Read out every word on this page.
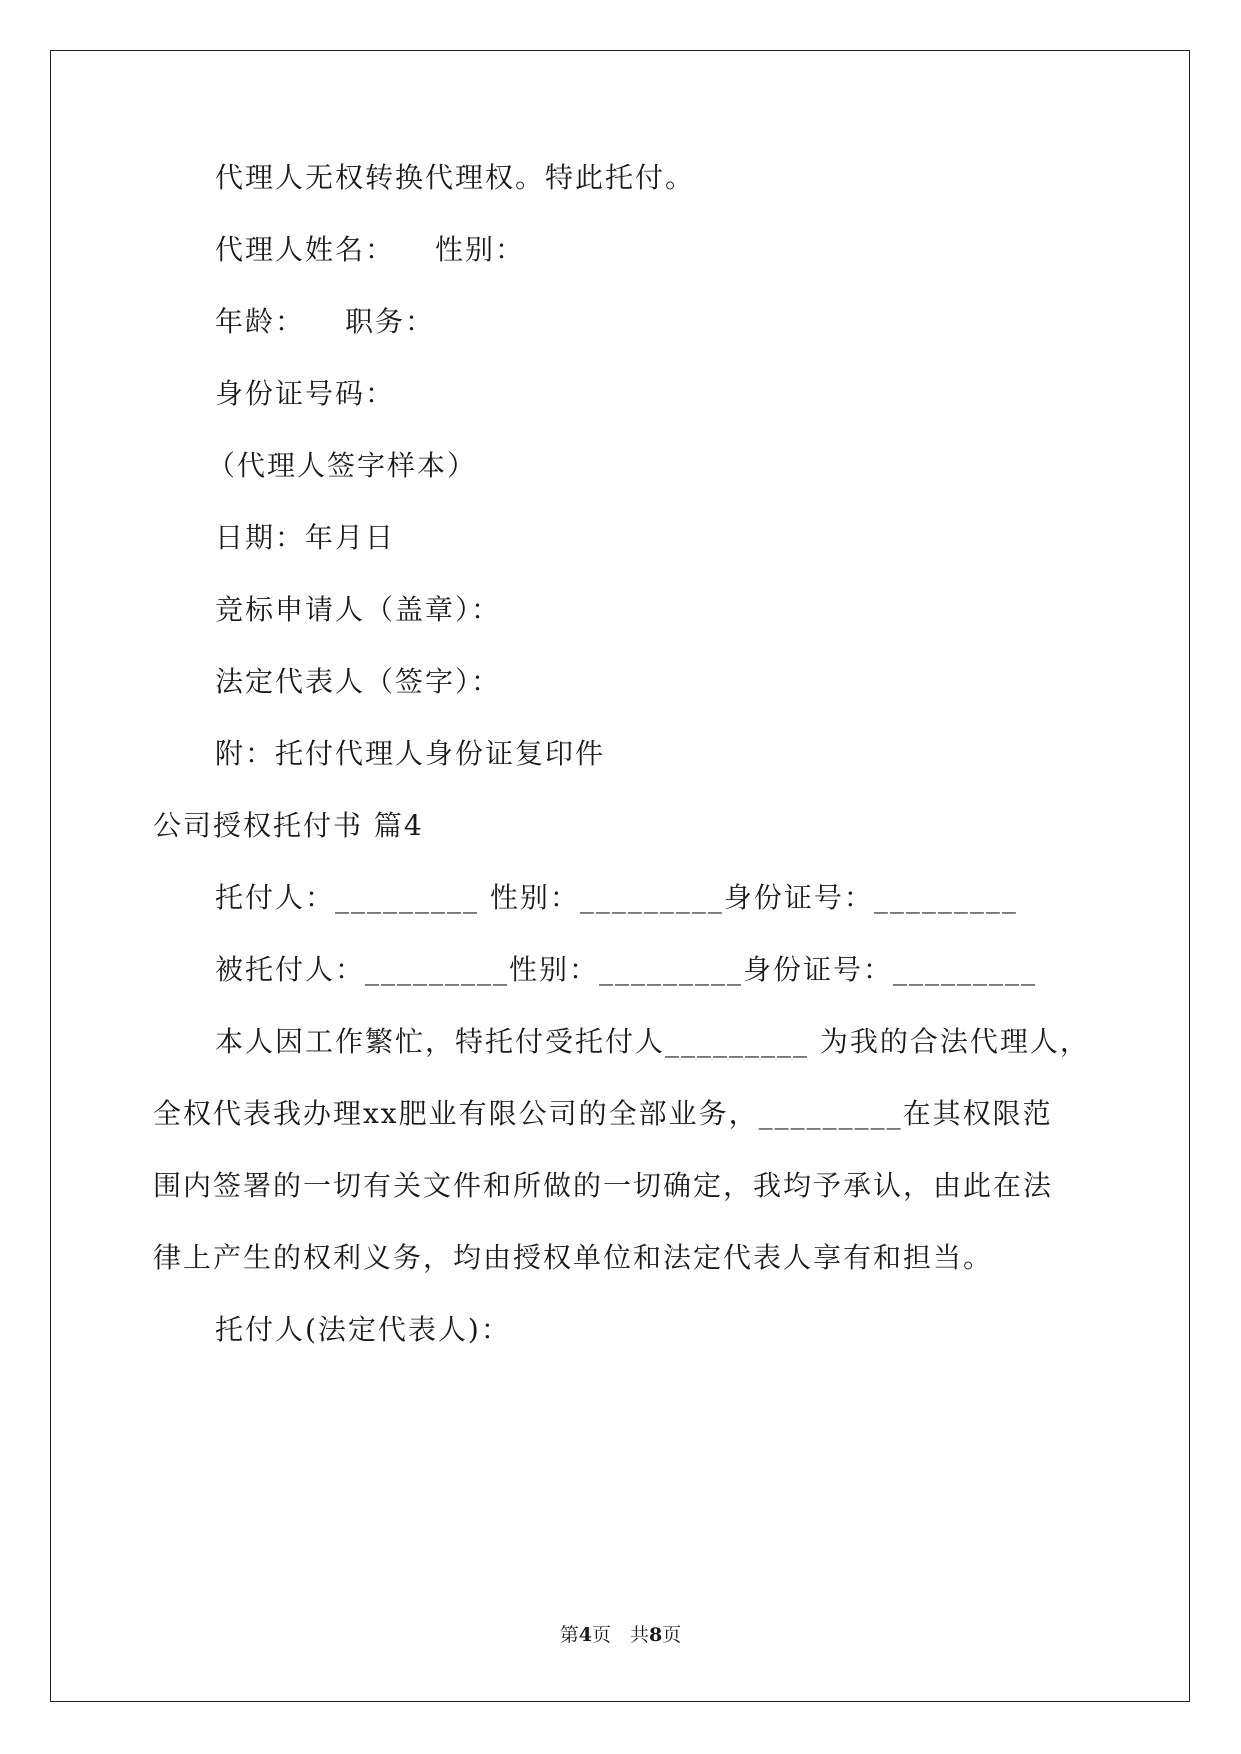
代理人无权转换代理权。特此托付。
代理人姓名： 性别：
年龄： 职务：
身份证号码：
（代理人签字样本）
日期：年月日
竞标申请人（盖章）：
法定代表人（签字）：
附：托付代理人身份证复印件
公司授权托付书 篇4
托付人：_________ 性别：_________身份证号：_________
被托付人：_________性别：_________身份证号：_________
本人因工作繁忙，特托付受托付人_________ 为我的合法代理人，
全权代表我办理xx肥业有限公司的全部业务，_________在其权限范
围内签署的一切有关文件和所做的一切确定，我均予承认，由此在法
律上产生的权利义务，均由授权单位和法定代表人享有和担当。
托付人(法定代表人)：
第4页　共8页
